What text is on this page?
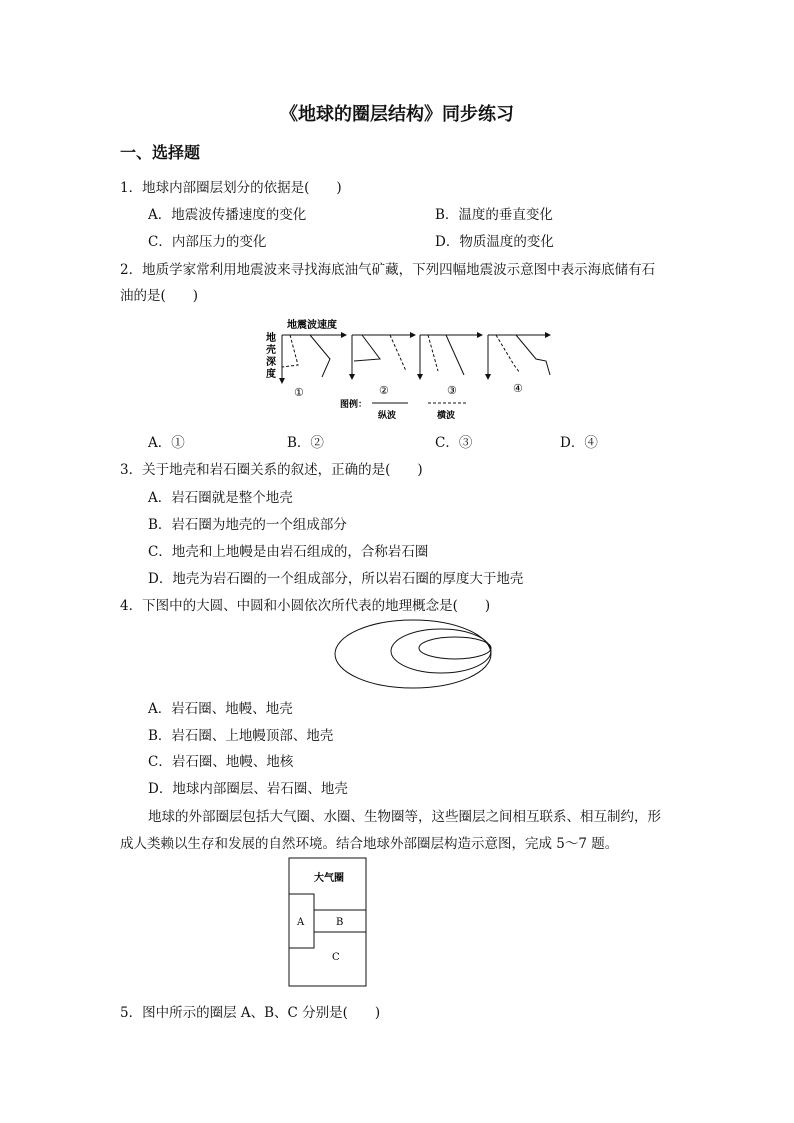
《地球的圈层结构》同步练习
一、选择题
1．地球内部圈层划分的依据是(　　)
A．地震波传播速度的变化	B．温度的垂直变化
C．内部压力的变化	D．物质温度的变化
2．地质学家常利用地震波来寻找海底油气矿藏，下列四幅地震波示意图中表示海底储有石
油的是(　　)
地震波速度
地
壳
深
度
①	②	③	④
图例：
纵波	横波
A．①	B．②	C．③	D．④
3．关于地壳和岩石圈关系的叙述，正确的是(　　)
A．岩石圈就是整个地壳
B．岩石圈为地壳的一个组成部分
C．地壳和上地幔是由岩石组成的，合称岩石圈
D．地壳为岩石圈的一个组成部分，所以岩石圈的厚度大于地壳
4．下图中的大圆、中圆和小圆依次所代表的地理概念是(　　)
A．岩石圈、地幔、地壳
B．岩石圈、上地幔顶部、地壳
C．岩石圈、地幔、地核
D．地球内部圈层、岩石圈、地壳
地球的外部圈层包括大气圈、水圈、生物圈等，这些圈层之间相互联系、相互制约，形
成人类赖以生存和发展的自然环境。结合地球外部圈层构造示意图，完成 5～7 题。
大气圈
A	B
C
5．图中所示的圈层 A、B、C 分别是(　　)
